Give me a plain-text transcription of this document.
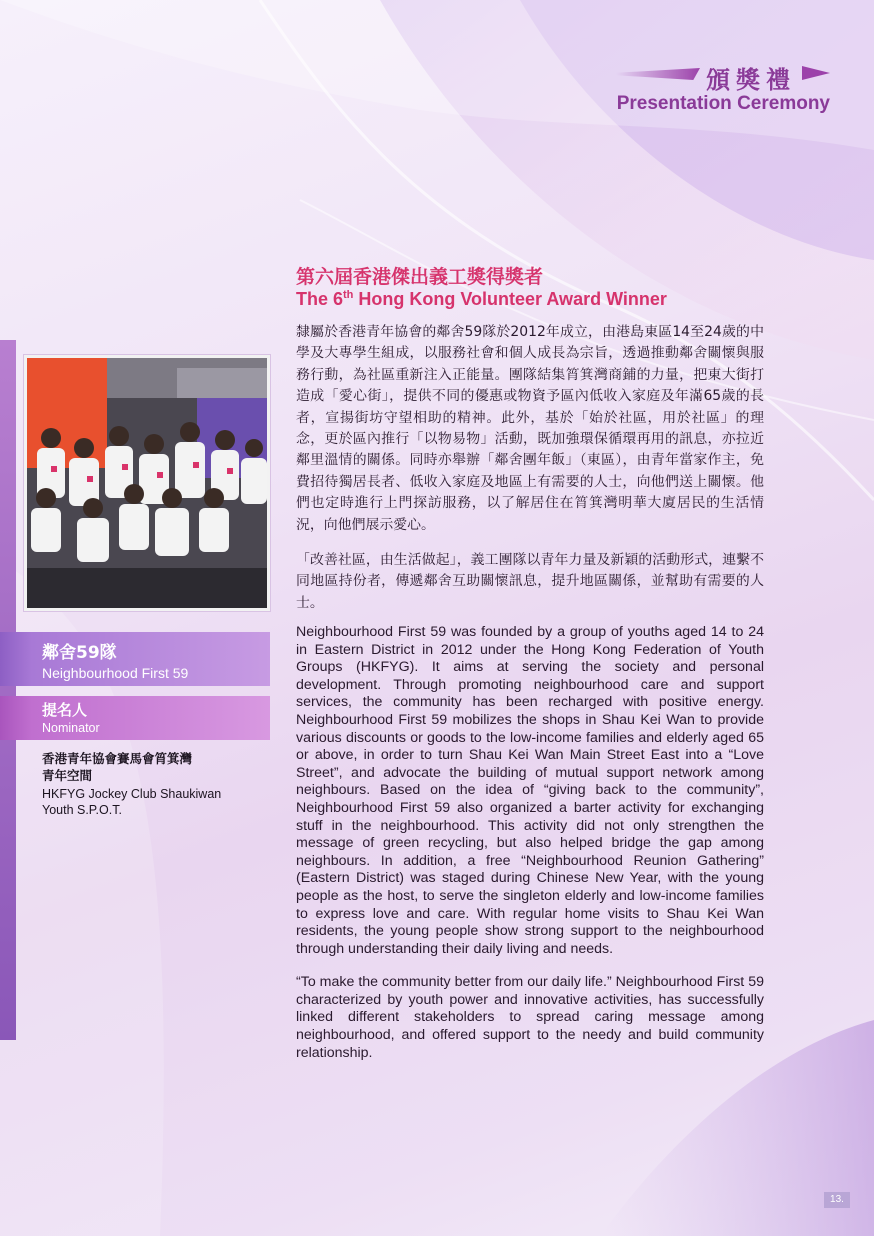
頒獎禮
Presentation Ceremony
第六屆香港傑出義工獎得獎者
The 6th Hong Kong Volunteer Award Winner

隸屬於香港青年協會的鄰舍59隊於2012年成立，由港島東區14至24歲的中學及大專學生組成，以服務社會和個人成長為宗旨，透過推動鄰舍關懷與服務行動，為社區重新注入正能量。團隊結集筲箕灣商鋪的力量，把東大街打造成「愛心街」，提供不同的優惠或物資予區內低收入家庭及年滿65歲的長者，宣揚街坊守望相助的精神。此外，基於「始於社區，用於社區」的理念，更於區內推行「以物易物」活動，既加強環保循環再用的訊息，亦拉近鄰里溫情的關係。同時亦舉辦「鄰舍團年飯」（東區），由青年當家作主，免費招待獨居長者、低收入家庭及地區上有需要的人士，向他們送上關懷。他們也定時進行上門探訪服務，以了解居住在筲箕灣明華大廈居民的生活情況，向他們展示愛心。

「改善社區，由生活做起」，義工團隊以青年力量及新穎的活動形式，連繫不同地區持份者，傳遞鄰舍互助關懷訊息，提升地區關係，並幫助有需要的人士。

Neighbourhood First 59 was founded by a group of youths aged 14 to 24 in Eastern District in 2012 under the Hong Kong Federation of Youth Groups (HKFYG). It aims at serving the society and personal development. Through promoting neighbourhood care and support services, the community has been recharged with positive energy. Neighbourhood First 59 mobilizes the shops in Shau Kei Wan to provide various discounts or goods to the low-income families and elderly aged 65 or above, in order to turn Shau Kei Wan Main Street East into a “Love Street”, and advocate the building of mutual support network among neighbours. Based on the idea of “giving back to the community”, Neighbourhood First 59 also organized a barter activity for exchanging stuff in the neighbourhood. This activity did not only strengthen the message of green recycling, but also helped bridge the gap among neighbours. In addition, a free “Neighbourhood Reunion Gathering” (Eastern District) was staged during Chinese New Year, with the young people as the host, to serve the singleton elderly and low-income families to express love and care. With regular home visits to Shau Kei Wan residents, the young people show strong support to the neighbourhood through understanding their daily living and needs.

“To make the community better from our daily life.” Neighbourhood First 59 characterized by youth power and innovative activities, has successfully linked different stakeholders to spread caring message among neighbourhood, and offered support to the needy and build community relationship.

鄰舍59隊
Neighbourhood First 59
提名人
Nominator
香港青年協會賽馬會筲箕灣
青年空間
HKFYG Jockey Club Shaukiwan
Youth S.P.O.T.
13.
